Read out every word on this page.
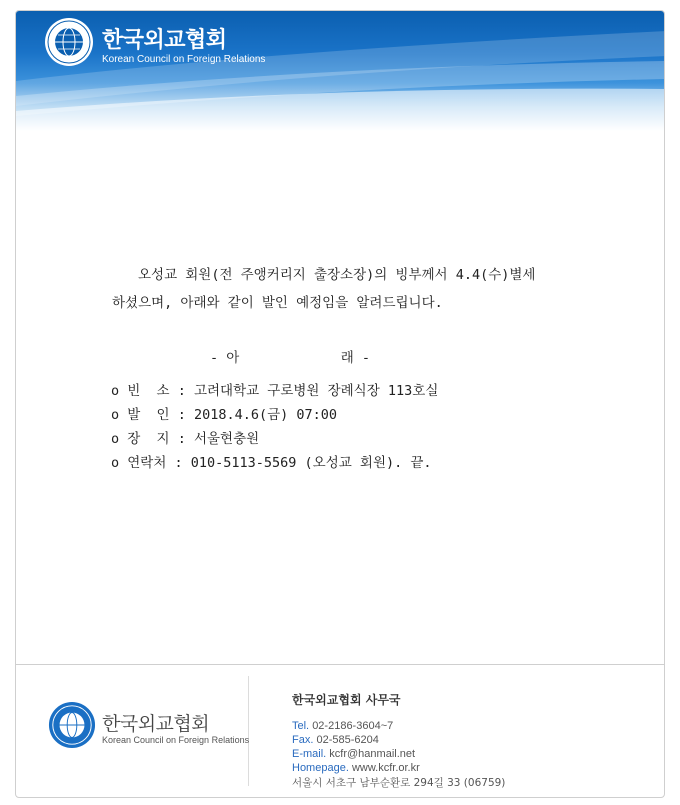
한국외교협회
Korean Council on Foreign Relations
오성교 회원(전 주앵커리지 출장소장)의 빙부께서 4.4(수)별세
하셨으며, 아래와 같이 발인 예정임을 알려드립니다.
- 아	래 -
o 빈  소 : 고려대학교 구로병원 장례식장 113호실
o 발  인 : 2018.4.6(금) 07:00
o 장  지 : 서울현충원
o 연락처 : 010-5113-5569 (오성교 회원). 끝.
한국외교협회
Korean Council on Foreign Relations
한국외교협회 사무국
Tel. 02-2186-3604~7
Fax. 02-585-6204
E-mail. kcfr@hanmail.net
Homepage. www.kcfr.or.kr
서울시 서초구 남부순환로 294길 33 (06759)
